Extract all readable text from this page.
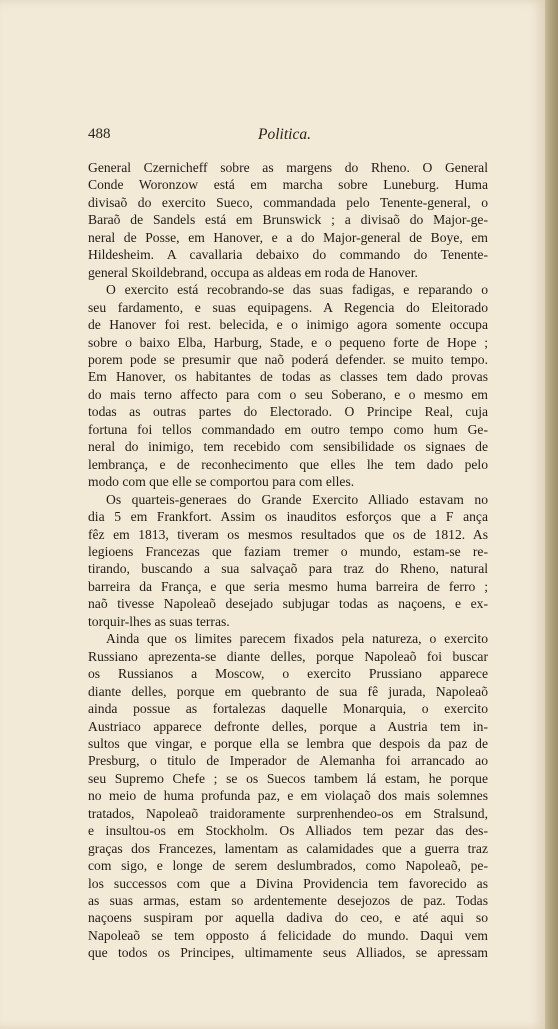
488	Politica.
General Czernicheff sobre as margens do Rheno. O General
Conde Woronzow está em marcha sobre Luneburg. Huma
divisaõ do exercito Sueco, commandada pelo Tenente-general, o
Baraõ de Sandels está em Brunswick ; a divisaõ do Major-ge-
neral de Posse, em Hanover, e a do Major-general de Boye, em
Hildesheim. A cavallaria debaixo do commando do Tenente-
general Skoildebrand, occupa as aldeas em roda de Hanover.
O exercito está recobrando-se das suas fadigas, e reparando o
seu fardamento, e suas equipagens. A Regencia do Eleitorado
de Hanover foi rest. belecida, e o inimigo agora somente occupa
sobre o baixo Elba, Harburg, Stade, e o pequeno forte de Hope ;
porem pode se presumir que naõ poderá defender. se muito tempo.
Em Hanover, os habitantes de todas as classes tem dado provas
do mais terno affecto para com o seu Soberano, e o mesmo em
todas as outras partes do Electorado. O Principe Real, cuja
fortuna foi tellos commandado em outro tempo como hum Ge-
neral do inimigo, tem recebido com sensibilidade os signaes de
lembrança, e de reconhecimento que elles lhe tem dado pelo
modo com que elle se comportou para com elles.
Os quarteis-generaes do Grande Exercito Alliado estavam no
dia 5 em Frankfort. Assim os inauditos esforços que a F ança
fêz em 1813, tiveram os mesmos resultados que os de 1812. As
legioens Francezas que faziam tremer o mundo, estam-se re-
tirando, buscando a sua salvaçaõ para traz do Rheno, natural
barreira da França, e que seria mesmo huma barreira de ferro ;
naõ tivesse Napoleaõ desejado subjugar todas as naçoens, e ex-
torquir-lhes as suas terras.
Ainda que os limites parecem fixados pela natureza, o exercito
Russiano aprezenta-se diante delles, porque Napoleaõ foi buscar
os Russianos a Moscow, o exercito Prussiano apparece
diante delles, porque em quebranto de sua fê jurada, Napoleaõ
ainda possue as fortalezas daquelle Monarquia, o exercito
Austriaco apparece defronte delles, porque a Austria tem in-
sultos que vingar, e porque ella se lembra que despois da paz de
Presburg, o titulo de Imperador de Alemanha foi arrancado ao
seu Supremo Chefe ; se os Suecos tambem lá estam, he porque
no meio de huma profunda paz, e em violaçaõ dos mais solemnes
tratados, Napoleaõ traidoramente surprenhendeo-os em Stralsund,
e insultou-os em Stockholm. Os Alliados tem pezar das des-
graças dos Francezes, lamentam as calamidades que a guerra traz
com sigo, e longe de serem deslumbrados, como Napoleaõ, pe-
los successos com que a Divina Providencia tem favorecido as
as suas armas, estam so ardentemente desejozos de paz. Todas
naçoens suspiram por aquella dadiva do ceo, e até aqui so
Napoleaõ se tem opposto á felicidade do mundo. Daqui vem
que todos os Principes, ultimamente seus Alliados, se apressam
